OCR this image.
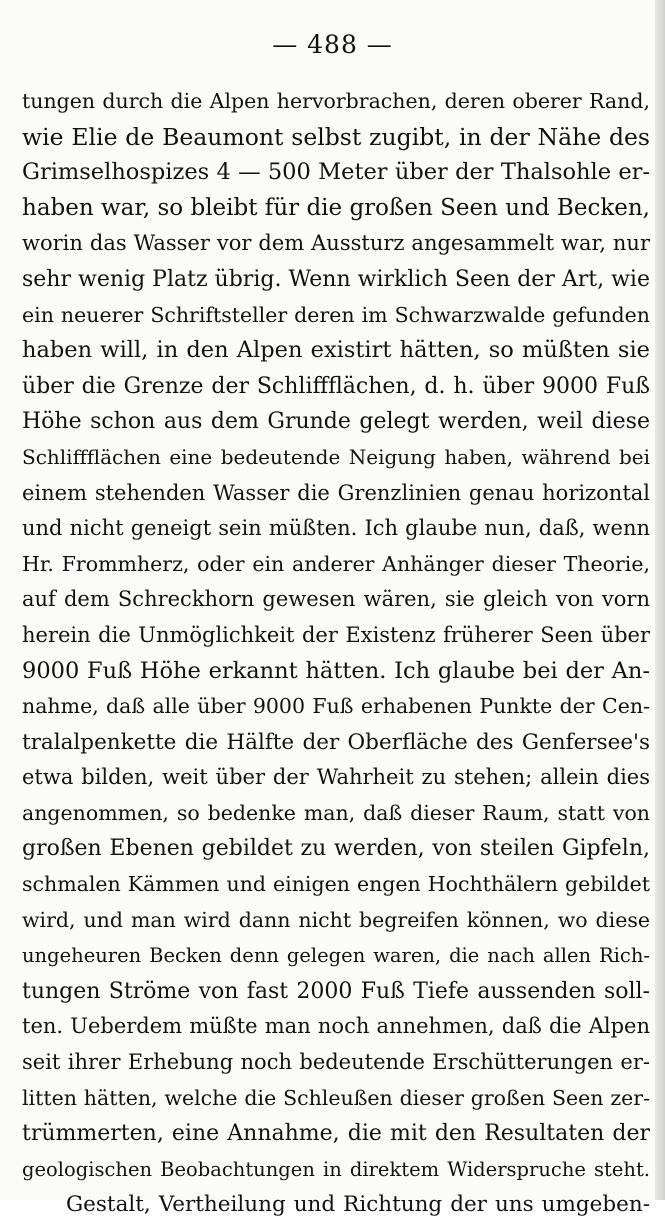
— 488 —
tungen durch die Alpen hervorbrachen, deren oberer Rand,
wie Elie de Beaumont selbst zugibt, in der Nähe des
Grimselhospizes 4 — 500 Meter über der Thalsohle er-
haben war, so bleibt für die großen Seen und Becken,
worin das Wasser vor dem Aussturz angesammelt war, nur
sehr wenig Platz übrig. Wenn wirklich Seen der Art, wie
ein neuerer Schriftsteller deren im Schwarzwalde gefunden
haben will, in den Alpen existirt hätten, so müßten sie
über die Grenze der Schliffflächen, d. h. über 9000 Fuß
Höhe schon aus dem Grunde gelegt werden, weil diese
Schliffflächen eine bedeutende Neigung haben, während bei
einem stehenden Wasser die Grenzlinien genau horizontal
und nicht geneigt sein müßten. Ich glaube nun, daß, wenn
Hr. Frommherz, oder ein anderer Anhänger dieser Theorie,
auf dem Schreckhorn gewesen wären, sie gleich von vorn
herein die Unmöglichkeit der Existenz früherer Seen über
9000 Fuß Höhe erkannt hätten. Ich glaube bei der An-
nahme, daß alle über 9000 Fuß erhabenen Punkte der Cen-
tralalpenkette die Hälfte der Oberfläche des Genfersee's
etwa bilden, weit über der Wahrheit zu stehen; allein dies
angenommen, so bedenke man, daß dieser Raum, statt von
großen Ebenen gebildet zu werden, von steilen Gipfeln,
schmalen Kämmen und einigen engen Hochthälern gebildet
wird, und man wird dann nicht begreifen können, wo diese
ungeheuren Becken denn gelegen waren, die nach allen Rich-
tungen Ströme von fast 2000 Fuß Tiefe aussenden soll-
ten. Ueberdem müßte man noch annehmen, daß die Alpen
seit ihrer Erhebung noch bedeutende Erschütterungen er-
litten hätten, welche die Schleußen dieser großen Seen zer-
trümmerten, eine Annahme, die mit den Resultaten der
geologischen Beobachtungen in direktem Widerspruche steht.
Gestalt, Vertheilung und Richtung der uns umgeben-
